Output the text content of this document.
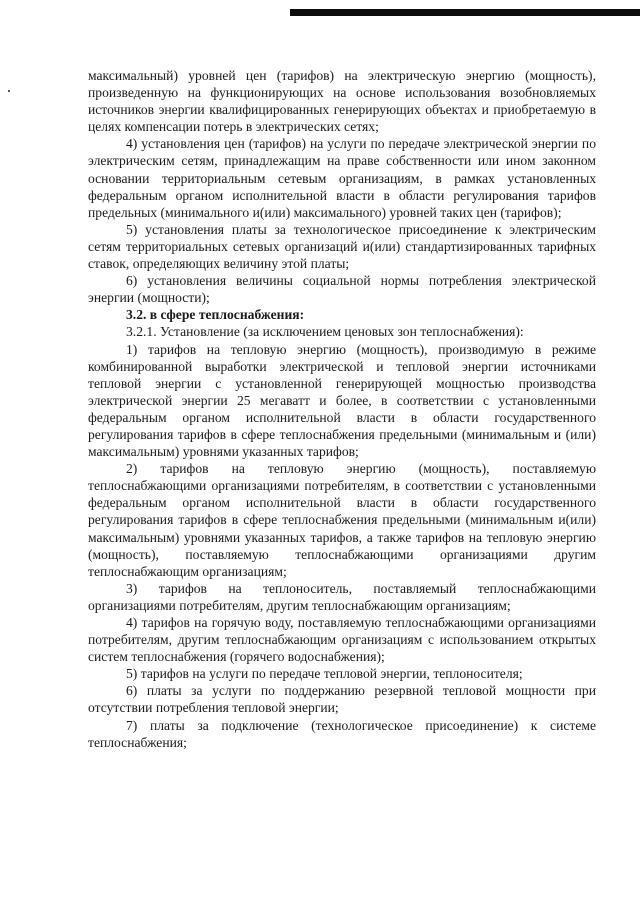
максимальный) уровней цен (тарифов) на электрическую энергию (мощность), произведенную на функционирующих на основе использования возобновляемых источников энергии квалифицированных генерирующих объектах и приобретаемую в целях компенсации потерь в электрических сетях;

4) установления цен (тарифов) на услуги по передаче электрической энергии по электрическим сетям, принадлежащим на праве собственности или ином законном основании территориальным сетевым организациям, в рамках установленных федеральным органом исполнительной власти в области регулирования тарифов предельных (минимального и(или) максимального) уровней таких цен (тарифов);

5) установления платы за технологическое присоединение к электрическим сетям территориальных сетевых организаций и(или) стандартизированных тарифных ставок, определяющих величину этой платы;

6) установления величины социальной нормы потребления электрической энергии (мощности);

3.2. в сфере теплоснабжения:

3.2.1. Установление (за исключением ценовых зон теплоснабжения):

1) тарифов на тепловую энергию (мощность), производимую в режиме комбинированной выработки электрической и тепловой энергии источниками тепловой энергии с установленной генерирующей мощностью производства электрической энергии 25 мегаватт и более, в соответствии с установленными федеральным органом исполнительной власти в области государственного регулирования тарифов в сфере теплоснабжения предельными (минимальным и (или) максимальным) уровнями указанных тарифов;

2) тарифов на тепловую энергию (мощность), поставляемую теплоснабжающими организациями потребителям, в соответствии с установленными федеральным органом исполнительной власти в области государственного регулирования тарифов в сфере теплоснабжения предельными (минимальным и(или) максимальным) уровнями указанных тарифов, а также тарифов на тепловую энергию (мощность), поставляемую теплоснабжающими организациями другим теплоснабжающим организациям;

3) тарифов на теплоноситель, поставляемый теплоснабжающими организациями потребителям, другим теплоснабжающим организациям;

4) тарифов на горячую воду, поставляемую теплоснабжающими организациями потребителям, другим теплоснабжающим организациям с использованием открытых систем теплоснабжения (горячего водоснабжения);

5) тарифов на услуги по передаче тепловой энергии, теплоносителя;

6) платы за услуги по поддержанию резервной тепловой мощности при отсутствии потребления тепловой энергии;

7) платы за подключение (технологическое присоединение) к системе теплоснабжения;
